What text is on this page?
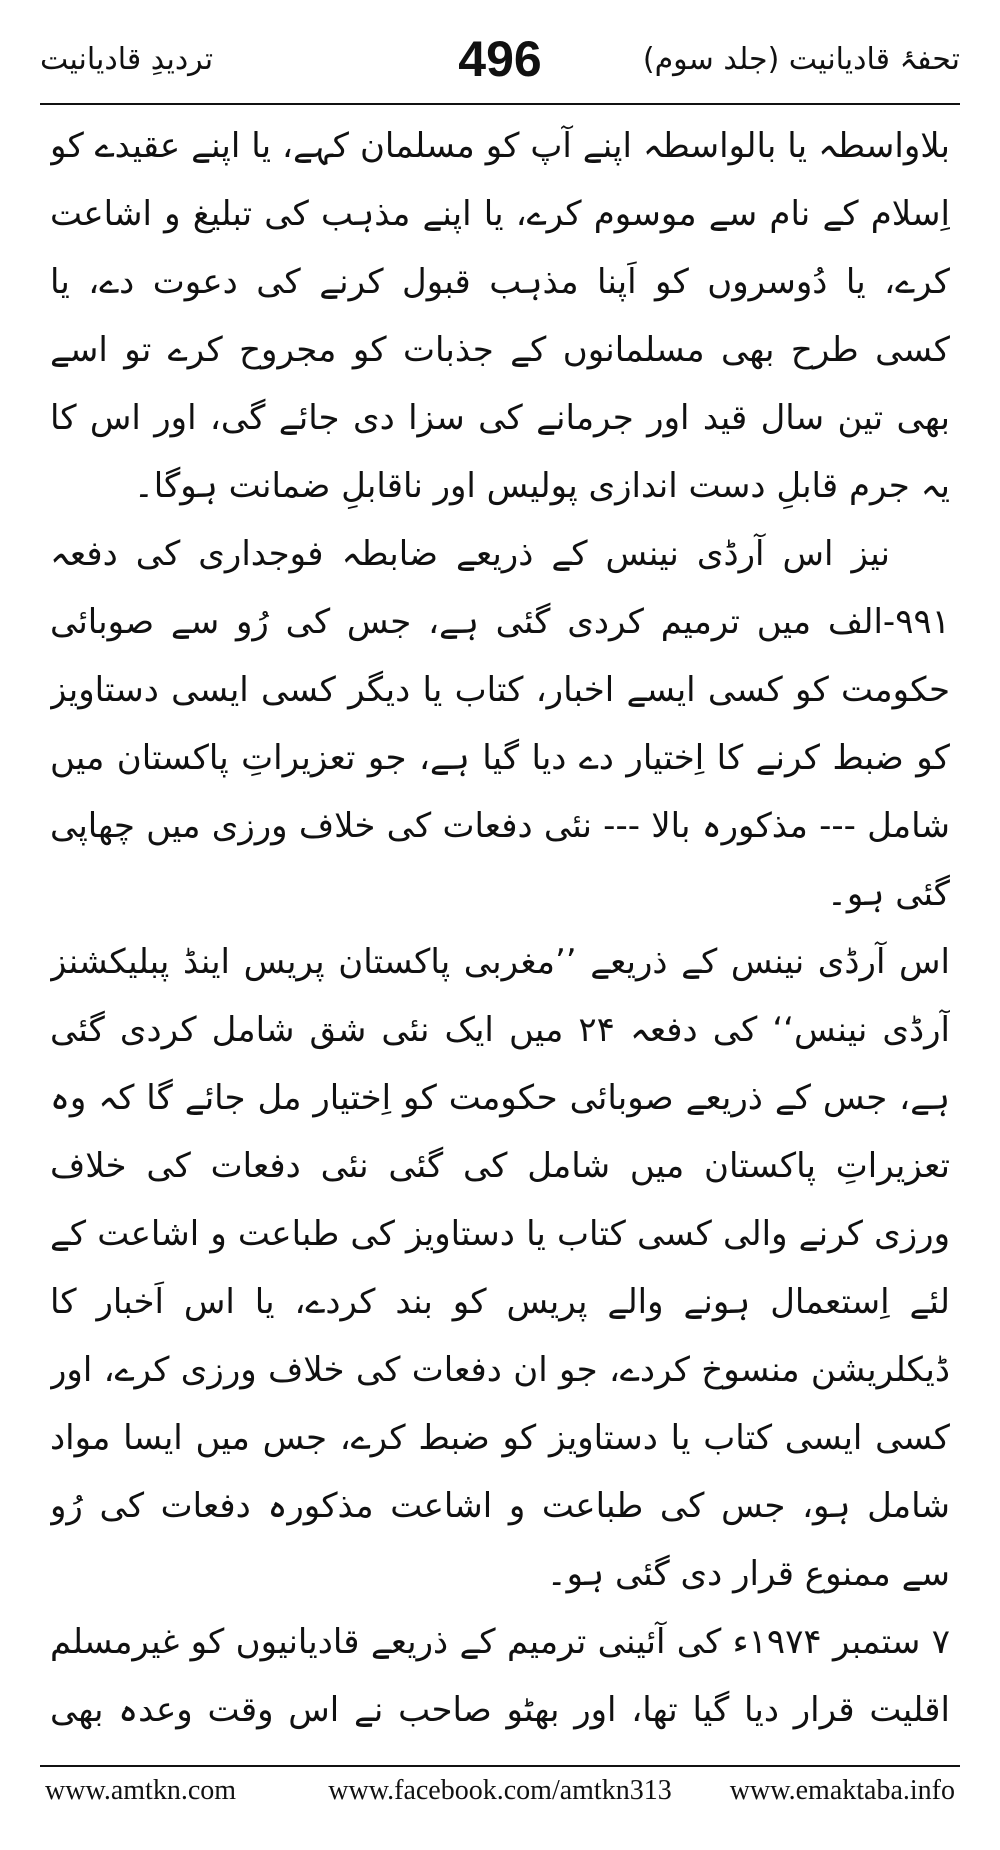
تحفۂ قادیانیت (جلد سوم)
496
تردیدِ قادیانیت

بلاواسطہ یا بالواسطہ اپنے آپ کو مسلمان کہے، یا اپنے عقیدے کو اِسلام کے نام سے موسوم کرے، یا اپنے مذہب کی تبلیغ و اشاعت کرے، یا دُوسروں کو اَپنا مذہب قبول کرنے کی دعوت دے، یا کسی طرح بھی مسلمانوں کے جذبات کو مجروح کرے تو اسے بھی تین سال قید اور جرمانے کی سزا دی جائے گی، اور اس کا یہ جرم قابلِ دست اندازی پولیس اور ناقابلِ ضمانت ہوگا۔

نیز اس آرڈی نینس کے ذریعے ضابطہ فوجداری کی دفعہ ۹۹۱-الف میں ترمیم کردی گئی ہے، جس کی رُو سے صوبائی حکومت کو کسی ایسے اخبار، کتاب یا دیگر کسی ایسی دستاویز کو ضبط کرنے کا اِختیار دے دیا گیا ہے، جو تعزیراتِ پاکستان میں شامل --- مذکورہ بالا --- نئی دفعات کی خلاف ورزی میں چھاپی گئی ہو۔

اس آرڈی نینس کے ذریعے ’’مغربی پاکستان پریس اینڈ پبلیکشنز آرڈی نینس‘‘ کی دفعہ ۲۴ میں ایک نئی شق شامل کردی گئی ہے، جس کے ذریعے صوبائی حکومت کو اِختیار مل جائے گا کہ وہ تعزیراتِ پاکستان میں شامل کی گئی نئی دفعات کی خلاف ورزی کرنے والی کسی کتاب یا دستاویز کی طباعت و اشاعت کے لئے اِستعمال ہونے والے پریس کو بند کردے، یا اس اَخبار کا ڈیکلریشن منسوخ کردے، جو ان دفعات کی خلاف ورزی کرے، اور کسی ایسی کتاب یا دستاویز کو ضبط کرے، جس میں ایسا مواد شامل ہو، جس کی طباعت و اشاعت مذکورہ دفعات کی رُو سے ممنوع قرار دی گئی ہو۔

۷ ستمبر ۱۹۷۴ء کی آئینی ترمیم کے ذریعے قادیانیوں کو غیرمسلم اقلیت قرار دیا گیا تھا، اور بھٹو صاحب نے اس وقت وعدہ بھی

www.amtkn.com	www.facebook.com/amtkn313	www.emaktaba.info
